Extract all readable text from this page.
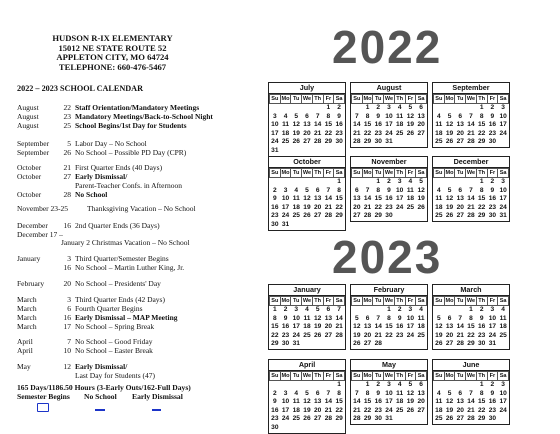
HUDSON R-IX ELEMENTARY
15012 NE STATE ROUTE 52
APPLETON CITY, MO 64724
TELEPHONE: 660-476-5467
2022 – 2023 SCHOOL CALENDAR
August	22 Staff Orientation/Mandatory Meetings
August	23 Mandatory Meetings/Back-to-School Night
August	25 School Begins/1st Day for Students
September 5 Labor Day – No School
September 26 No School – Possible PD Day (CPR)
October	21 First Quarter Ends (40 Days)
October	27 Early Dismissal/
Parent-Teacher Confs. in Afternoon
October	28 No School
November 23-25	Thanksgiving Vacation – No School
December 16 2nd Quarter Ends (36 Days)
December 17 –
January 2 Christmas Vacation – No School
January	3 Third Quarter/Semester Begins
16 No School – Martin Luther King, Jr.
February	20 No School – Presidents' Day
March	3 Third Quarter Ends (42 Days)
March	6 Fourth Quarter Begins
March	16 Early Dismissal – MAP Meeting
March	17 No School – Spring Break
April	7 No School – Good Friday
April	10 No School – Easter Break
May	12 Early Dismissal/
Last Day for Students (47)
165 Days/1186.50 Hours (3-Early Outs/162-Full Days)
Semester Begins No School Early Dismissal
2022
2023
July
Su	Mo	Tu	We	Th	Fr	Sa
					1	2
3	4	5	6	7	8	9
10	11	12	13	14	15	16
17	18	19	20	21	22	23
24	25	26	27	28	29	30
31						
August
Su	Mo	Tu	We	Th	Fr	Sa
	1	2	3	4	5	6
7	8	9	10	11	12	13
14	15	16	17	18	19	20
21	22	23	24	25	26	27
28	29	30	31			
September
Su	Mo	Tu	We	Th	Fr	Sa
				1	2	3
4	5	6	7	8	9	10
11	12	13	14	15	16	17
18	19	20	21	22	23	24
25	26	27	28	29	30	
October
Su	Mo	Tu	We	Th	Fr	Sa
						1
2	3	4	5	6	7	8
9	10	11	12	13	14	15
16	17	18	19	20	21	22
23	24	25	26	27	28	29
30	31					
November
Su	Mo	Tu	We	Th	Fr	Sa
		1	2	3	4	5
6	7	8	9	10	11	12
13	14	15	16	17	18	19
20	21	22	23	24	25	26
27	28	29	30			
December
Su	Mo	Tu	We	Th	Fr	Sa
				1	2	3
4	5	6	7	8	9	10
11	12	13	14	15	16	17
18	19	20	21	22	23	24
25	26	27	28	29	30	31
January
Su	Mo	Tu	We	Th	Fr	Sa
1	2	3	4	5	6	7
8	9	10	11	12	13	14
15	16	17	18	19	20	21
22	23	24	25	26	27	28
29	30	31				
February
Su	Mo	Tu	We	Th	Fr	Sa
			1	2	3	4
5	6	7	8	9	10	11
12	13	14	15	16	17	18
19	20	21	22	23	24	25
26	27	28				
March
Su	Mo	Tu	We	Th	Fr	Sa
			1	2	3	4
5	6	7	8	9	10	11
12	13	14	15	16	17	18
19	20	21	22	23	24	25
26	27	28	29	30	31	
April
Su	Mo	Tu	We	Th	Fr	Sa
						1
2	3	4	5	6	7	8
9	10	11	12	13	14	15
16	17	18	19	20	21	22
23	24	25	26	27	28	29
30						
May
Su	Mo	Tu	We	Th	Fr	Sa
	1	2	3	4	5	6
7	8	9	10	11	12	13
14	15	16	17	18	19	20
21	22	23	24	25	26	27
28	29	30	31			
June
Su	Mo	Tu	We	Th	Fr	Sa
				1	2	3
4	5	6	7	8	9	10
11	12	13	14	15	16	17
18	19	20	21	22	23	24
25	26	27	28	29	30	
